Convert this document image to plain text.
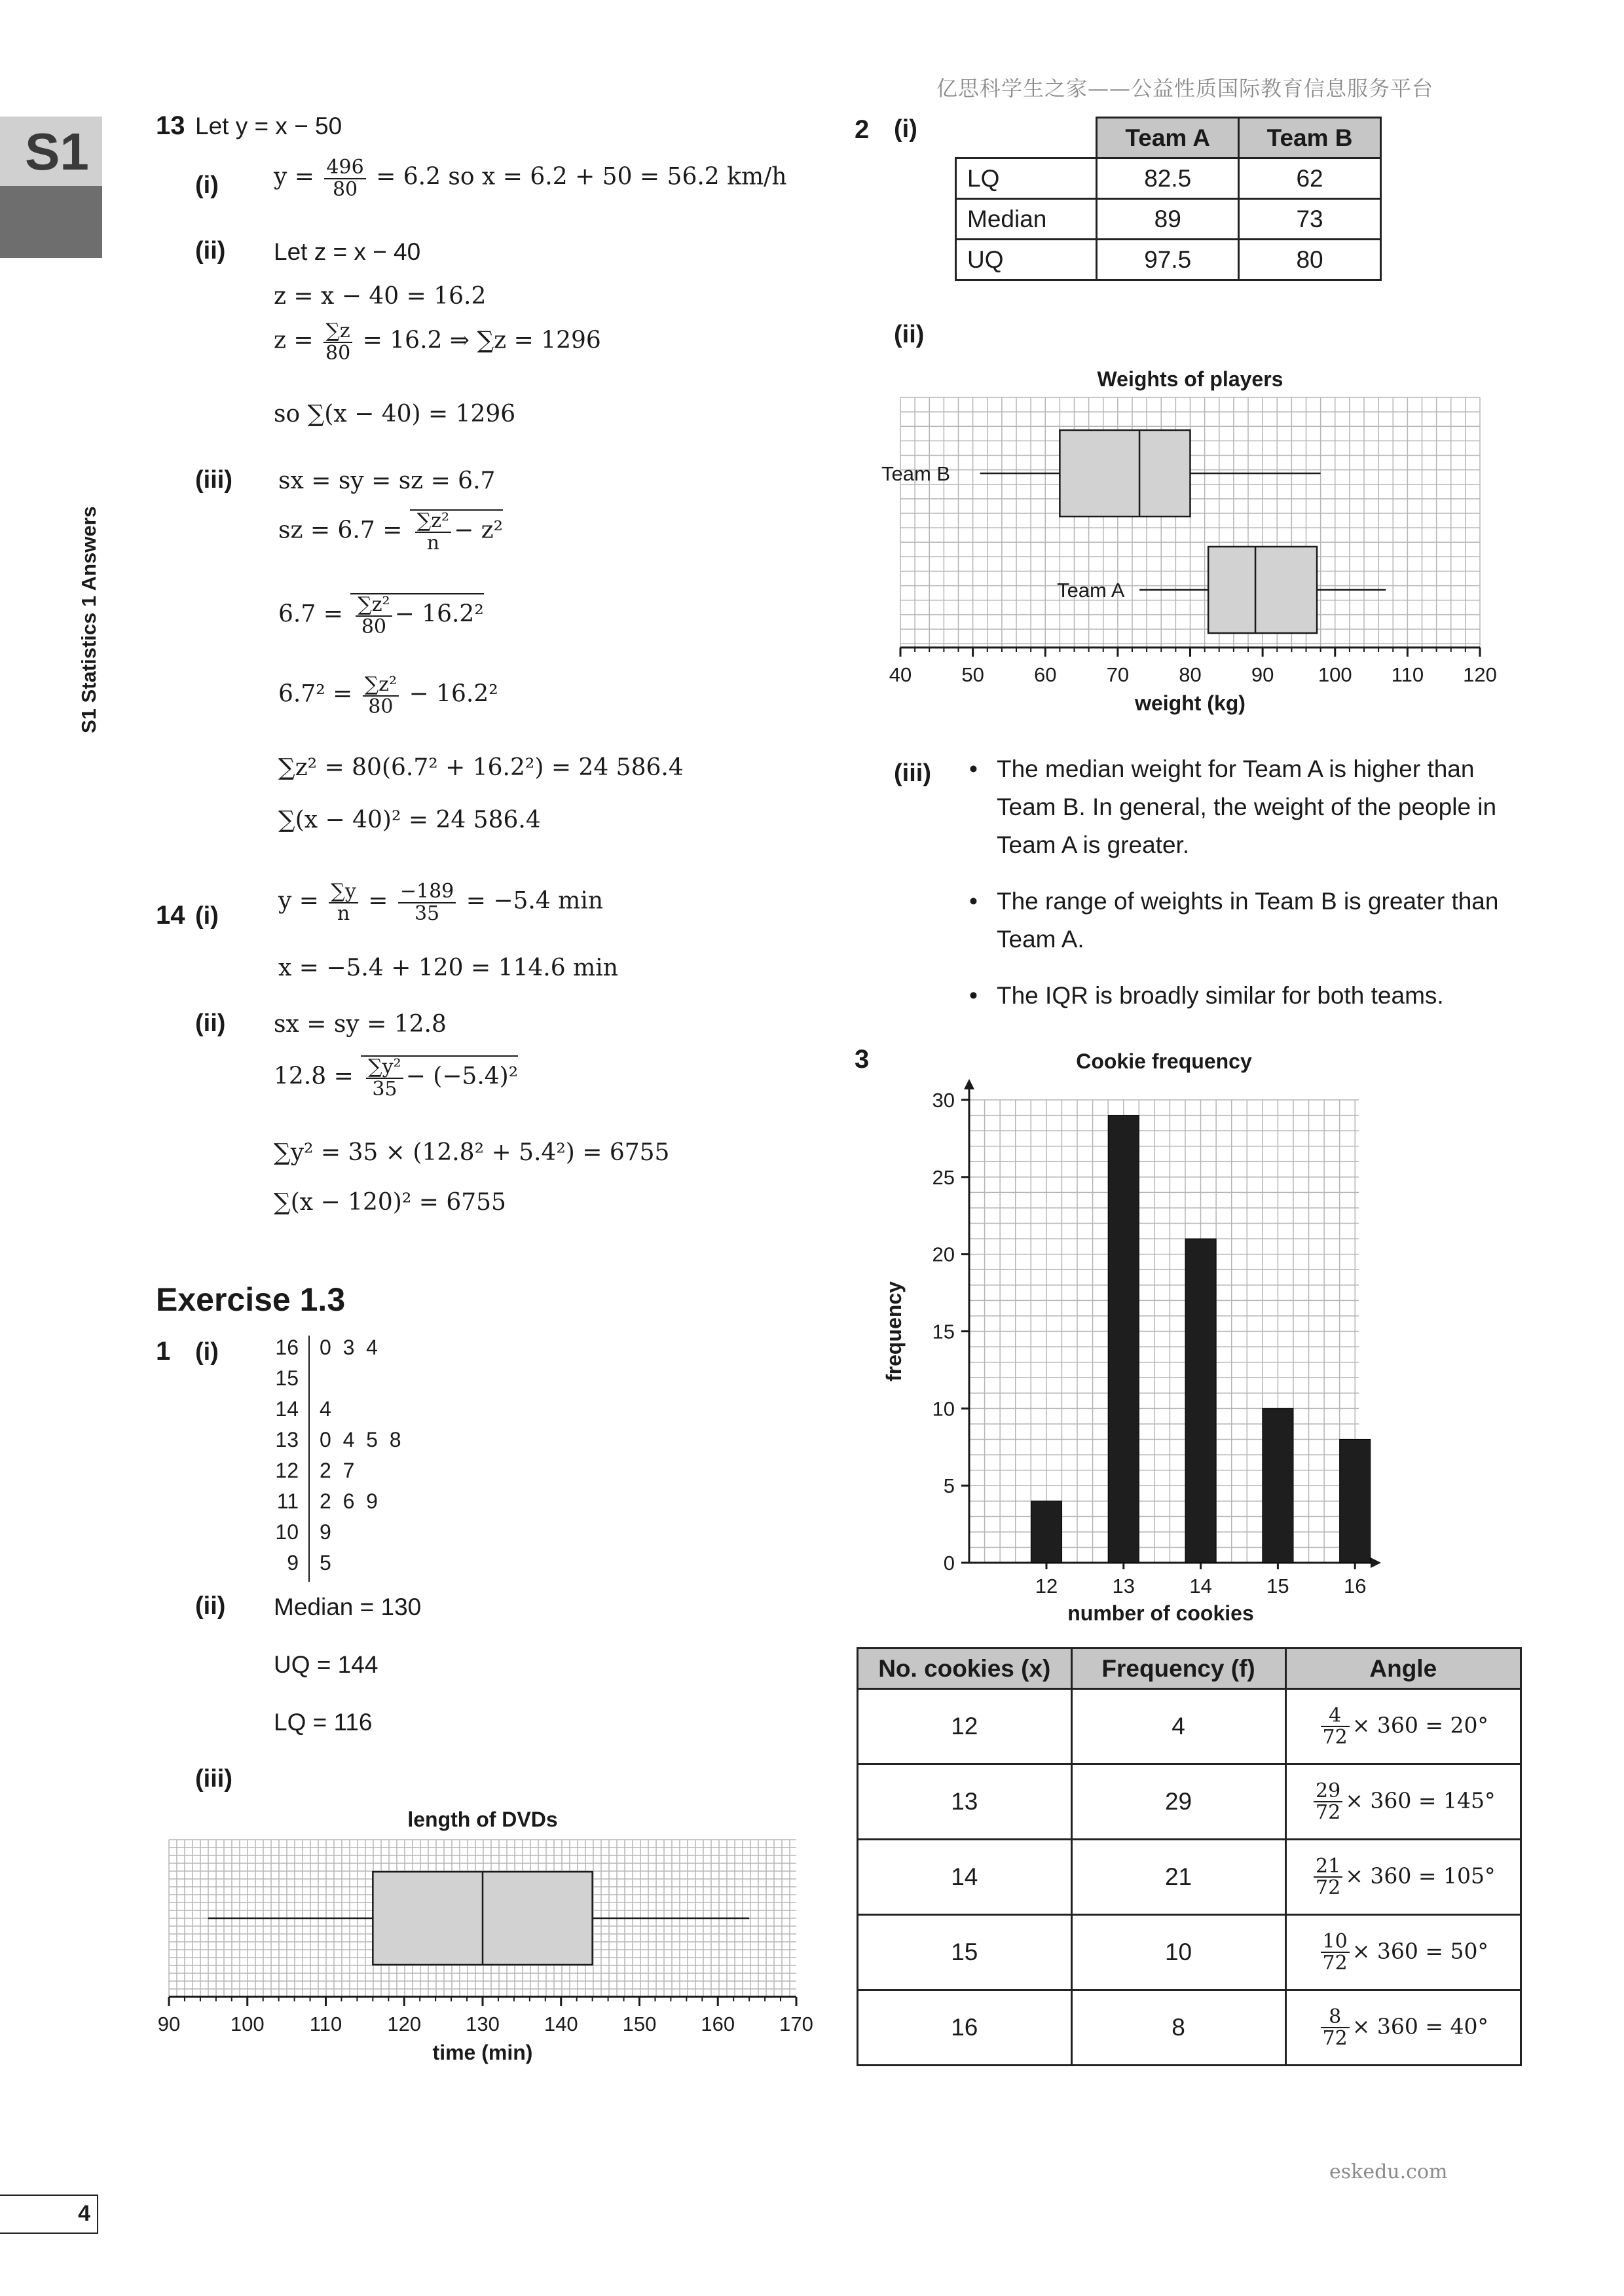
亿思科学生之家——公益性质国际教育信息服务平台
eskedu.com
S1
S1 Statistics 1 Answers
4
13 Let y = x − 50
(i) $y = \frac{496}{80} = 6.2$ so x = 6.2 + 50 = 56.2 km/h
(ii) Let z = x − 40
z = x − 40 = 16.2
$z = \frac{\sum z}{80} = 16.2$ ⇒ ∑z = 1296
so ∑(x − 40) = 1296
(iii) sx = sy = sz = 6.7
sz = $6.7 = \frac{\text{∑z²}}{n} - z^2$
$6.7 = \frac{\text{∑z²}}{80} - 16.2^2$
$6.7^2 = \frac{\text{∑z²}}{80} - 16.2^2$
∑z² = 80(6.7² + 16.2²) = 24 586.4
∑(x − 40)² = 24 586.4
14 (i)
$y = \frac{\sum y}{n} = \frac{-189}{35} = -5.4$ min
x = −5.4 + 120 = 114.6 min
(ii) sx = sy = 12.8
$12.8 = \frac{\text{∑y²}}{35} - (-5.4)^2$
∑y² = 35 × (12.8² + 5.4²) = 6755
∑(x − 120)² = 6755
Exercise 1.3
1 (i)	16 0  3  4
15
14 4
13 0  4  5  8
12 2  7
11 2  6  9
10 9
9 5
(ii) Median = 130
UQ = 144
LQ = 116
(iii)
length of DVDs
90 100 110 120 130 140 150 160 170
time (min)
2 (i)
		Team A	Team B
LQ	82.5	62
Median	89	73
UQ	97.5	80
(ii)
Weights of players
40 50 60 70 80 90 100 110 120
weight (kg)
Team B
Team A
(iii) • The median weight for Team A is higher than Team B. In general, the weight of the people in Team A is greater.
• The range of weights in Team B is greater than Team A.
• The IQR is broadly similar for both teams.
3	Cookie frequency
0
5
10
15
20
25
30
frequency
12	13	14	15	16
number of cookies
No. cookies (x)	Frequency (f)	Angle
12	4	$\frac{4}{72} \times 360 = 20^\circ$
13	29	$\frac{29}{72} \times 360 = 145^\circ$
14	21	$\frac{21}{72} \times 360 = 105^\circ$
15	10	$\frac{10}{72} \times 360 = 50^\circ$
16	8	$\frac{8}{72} \times 360 = 40^\circ$
